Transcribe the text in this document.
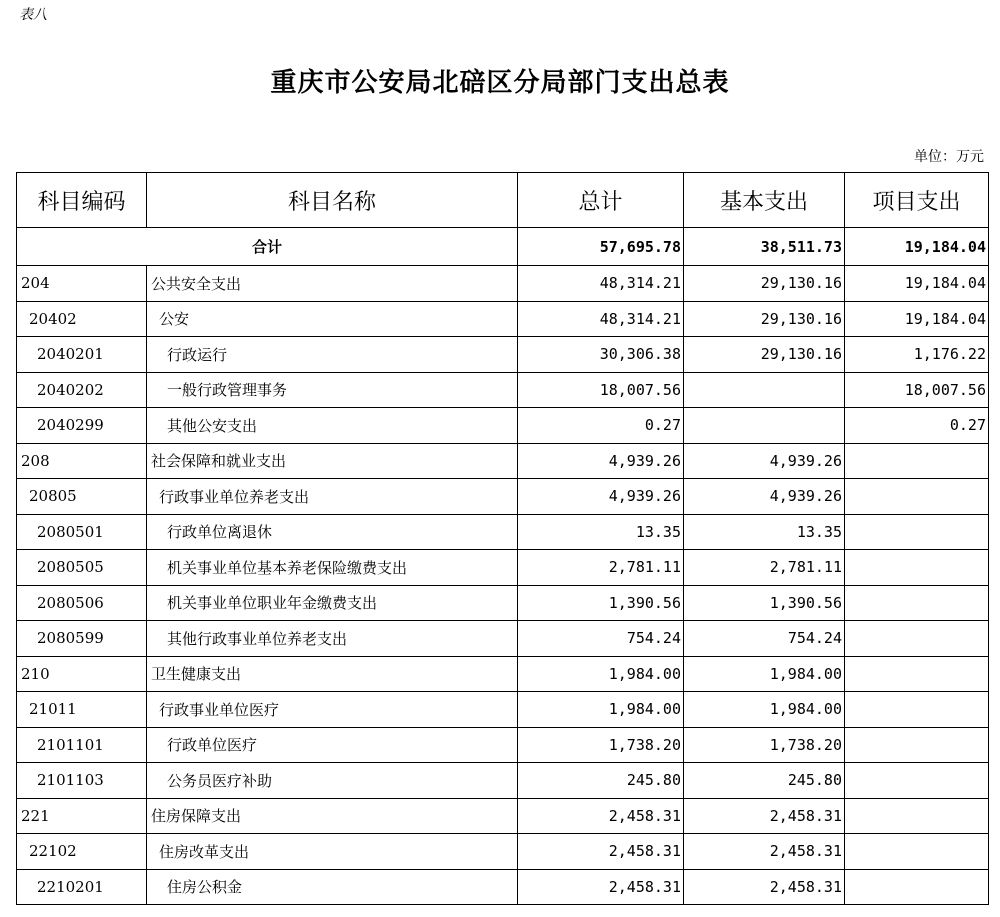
表八
重庆市公安局北碚区分局部门支出总表
单位：万元
科目编码	科目名称	总计	基本支出	项目支出
合计		57,695.78	38,511.73	19,184.04
204	公共安全支出	48,314.21	29,130.16	19,184.04
20402	公安	48,314.21	29,130.16	19,184.04
2040201	行政运行	30,306.38	29,130.16	1,176.22
2040202	一般行政管理事务	18,007.56		18,007.56
2040299	其他公安支出	0.27		0.27
208	社会保障和就业支出	4,939.26	4,939.26	
20805	行政事业单位养老支出	4,939.26	4,939.26	
2080501	行政单位离退休	13.35	13.35	
2080505	机关事业单位基本养老保险缴费支出	2,781.11	2,781.11	
2080506	机关事业单位职业年金缴费支出	1,390.56	1,390.56	
2080599	其他行政事业单位养老支出	754.24	754.24	
210	卫生健康支出	1,984.00	1,984.00	
21011	行政事业单位医疗	1,984.00	1,984.00	
2101101	行政单位医疗	1,738.20	1,738.20	
2101103	公务员医疗补助	245.80	245.80	
221	住房保障支出	2,458.31	2,458.31	
22102	住房改革支出	2,458.31	2,458.31	
2210201	住房公积金	2,458.31	2,458.31	
